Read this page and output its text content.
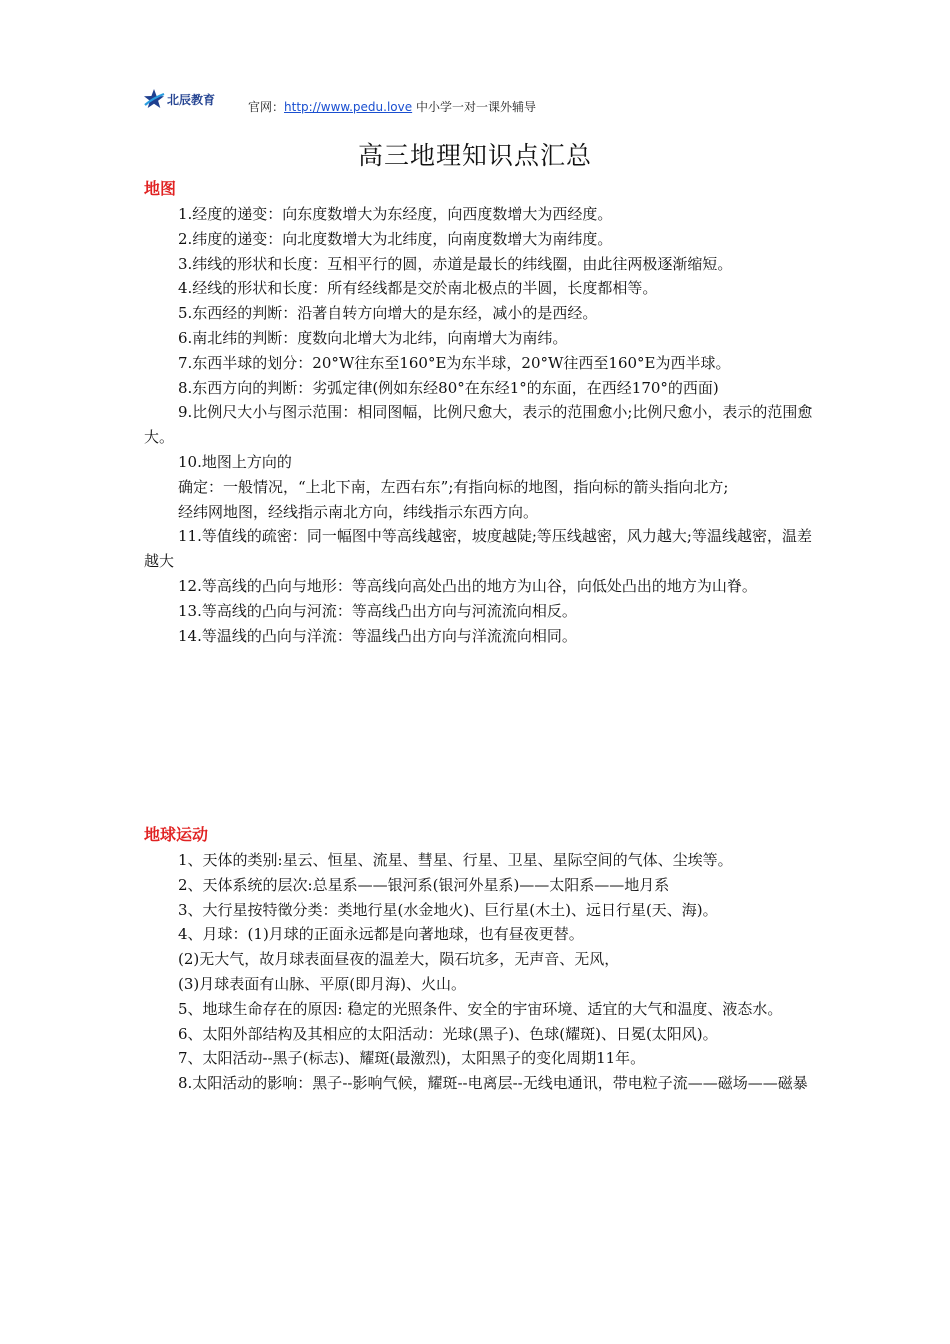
北辰教育
官网：http://www.pedu.love 中小学一对一课外辅导
高三地理知识点汇总
地图

1.经度的递变：向东度数增大为东经度，向西度数增大为西经度。

2.纬度的递变：向北度数增大为北纬度，向南度数增大为南纬度。

3.纬线的形状和长度：互相平行的圆，赤道是最长的纬线圈，由此往两极逐渐缩短。

4.经线的形状和长度：所有经线都是交於南北极点的半圆，长度都相等。

5.东西经的判断：沿著自转方向增大的是东经，减小的是西经。

6.南北纬的判断：度数向北增大为北纬，向南增大为南纬。

7.东西半球的划分：20°W往东至160°E为东半球，20°W往西至160°E为西半球。

8.东西方向的判断：劣弧定律(例如东经80°在东经1°的东面，在西经170°的西面)

9.比例尺大小与图示范围：相同图幅，比例尺愈大，表示的范围愈小;比例尺愈小，表示的范围愈大。

10.地图上方向的

确定：一般情况，“上北下南，左西右东”;有指向标的地图，指向标的箭头指向北方;

经纬网地图，经线指示南北方向，纬线指示东西方向。

11.等值线的疏密：同一幅图中等高线越密，坡度越陡;等压线越密，风力越大;等温线越密，温差越大

12.等高线的凸向与地形：等高线向高处凸出的地方为山谷，向低处凸出的地方为山脊。

13.等高线的凸向与河流：等高线凸出方向与河流流向相反。

14.等温线的凸向与洋流：等温线凸出方向与洋流流向相同。

地球运动

1、天体的类别:星云、恒星、流星、彗星、行星、卫星、星际空间的气体、尘埃等。

2、天体系统的层次:总星系——银河系(银河外星系)——太阳系——地月系

3、大行星按特徵分类：类地行星(水金地火)、巨行星(木土)、远日行星(天、海)。

4、月球：(1)月球的正面永远都是向著地球，也有昼夜更替。

(2)无大气，故月球表面昼夜的温差大，陨石坑多，无声音、无风，

(3)月球表面有山脉、平原(即月海)、火山。

5、地球生命存在的原因: 稳定的光照条件、安全的宇宙环境、适宜的大气和温度、液态水。

6、太阳外部结构及其相应的太阳活动：光球(黑子)、色球(耀斑)、日冕(太阳风)。

7、太阳活动--黑子(标志)、耀斑(最激烈)，太阳黑子的变化周期11年。

8.太阳活动的影响：黑子--影响气候，耀斑--电离层--无线电通讯，带电粒子流——磁场——磁暴
